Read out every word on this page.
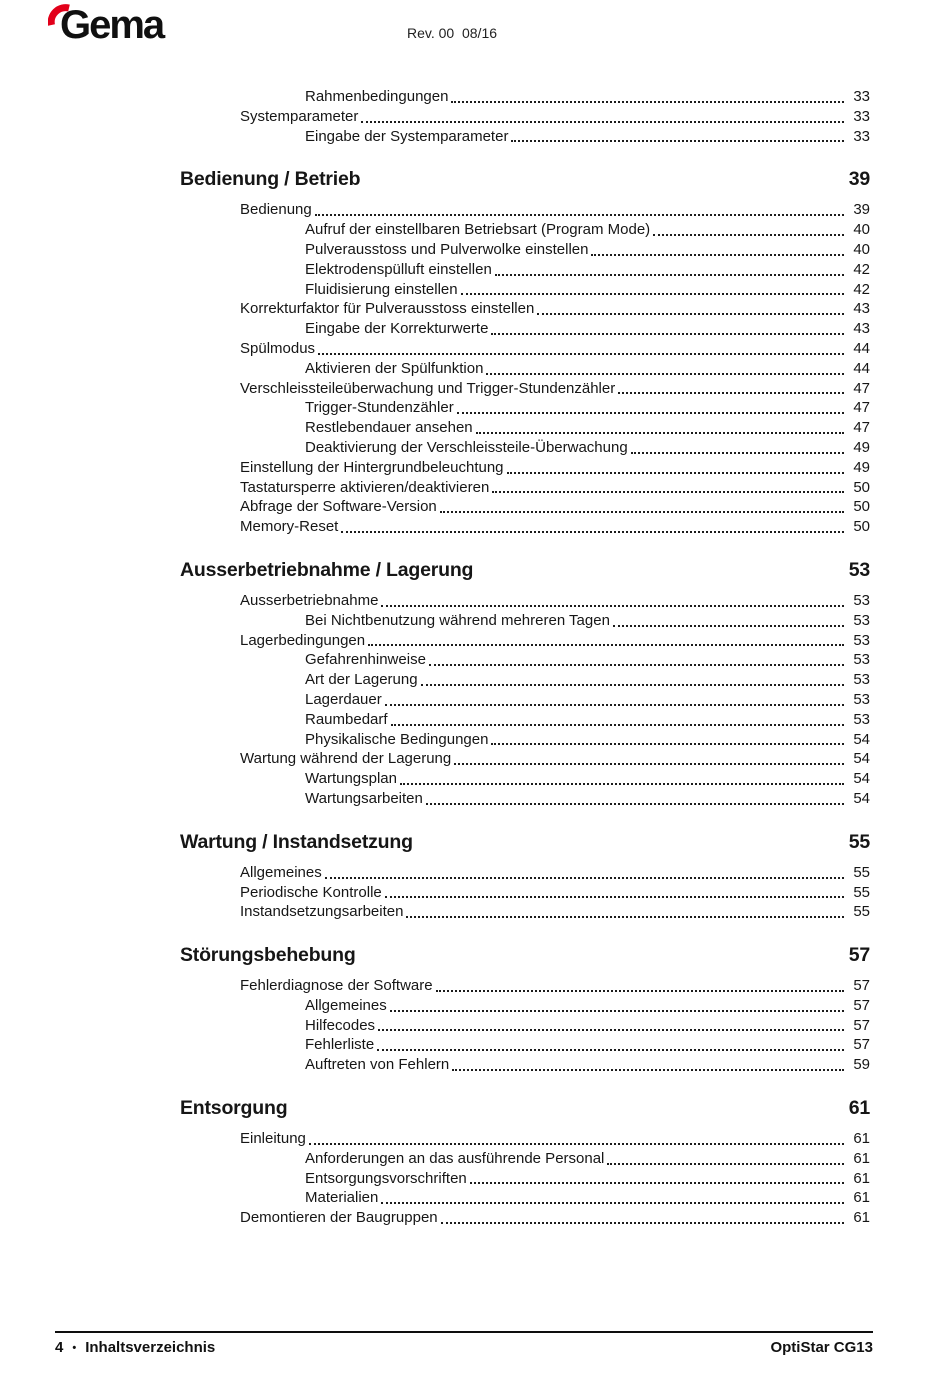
Gema	Rev. 00  08/16
Rahmenbedingungen	33
Systemparameter	33
Eingabe der Systemparameter	33
Bedienung / Betrieb	39
Bedienung	39
Aufruf der einstellbaren Betriebsart (Program Mode)	40
Pulverausstoss und Pulverwolke einstellen	40
Elektrodenspülluft einstellen	42
Fluidisierung einstellen	42
Korrekturfaktor für Pulverausstoss einstellen	43
Eingabe der Korrekturwerte	43
Spülmodus	44
Aktivieren der Spülfunktion	44
Verschleissteileüberwachung und Trigger-Stundenzähler	47
Trigger-Stundenzähler	47
Restlebendauer ansehen	47
Deaktivierung der Verschleissteile-Überwachung	49
Einstellung der Hintergrundbeleuchtung	49
Tastatursperre aktivieren/deaktivieren	50
Abfrage der Software-Version	50
Memory-Reset	50
Ausserbetriebnahme / Lagerung	53
Ausserbetriebnahme	53
Bei Nichtbenutzung während mehreren Tagen	53
Lagerbedingungen	53
Gefahrenhinweise	53
Art der Lagerung	53
Lagerdauer	53
Raumbedarf	53
Physikalische Bedingungen	54
Wartung während der Lagerung	54
Wartungsplan	54
Wartungsarbeiten	54
Wartung / Instandsetzung	55
Allgemeines	55
Periodische Kontrolle	55
Instandsetzungsarbeiten	55
Störungsbehebung	57
Fehlerdiagnose der Software	57
Allgemeines	57
Hilfecodes	57
Fehlerliste	57
Auftreten von Fehlern	59
Entsorgung	61
Einleitung	61
Anforderungen an das ausführende Personal	61
Entsorgungsvorschriften	61
Materialien	61
Demontieren der Baugruppen	61
4 • Inhaltsverzeichnis	OptiStar CG13
